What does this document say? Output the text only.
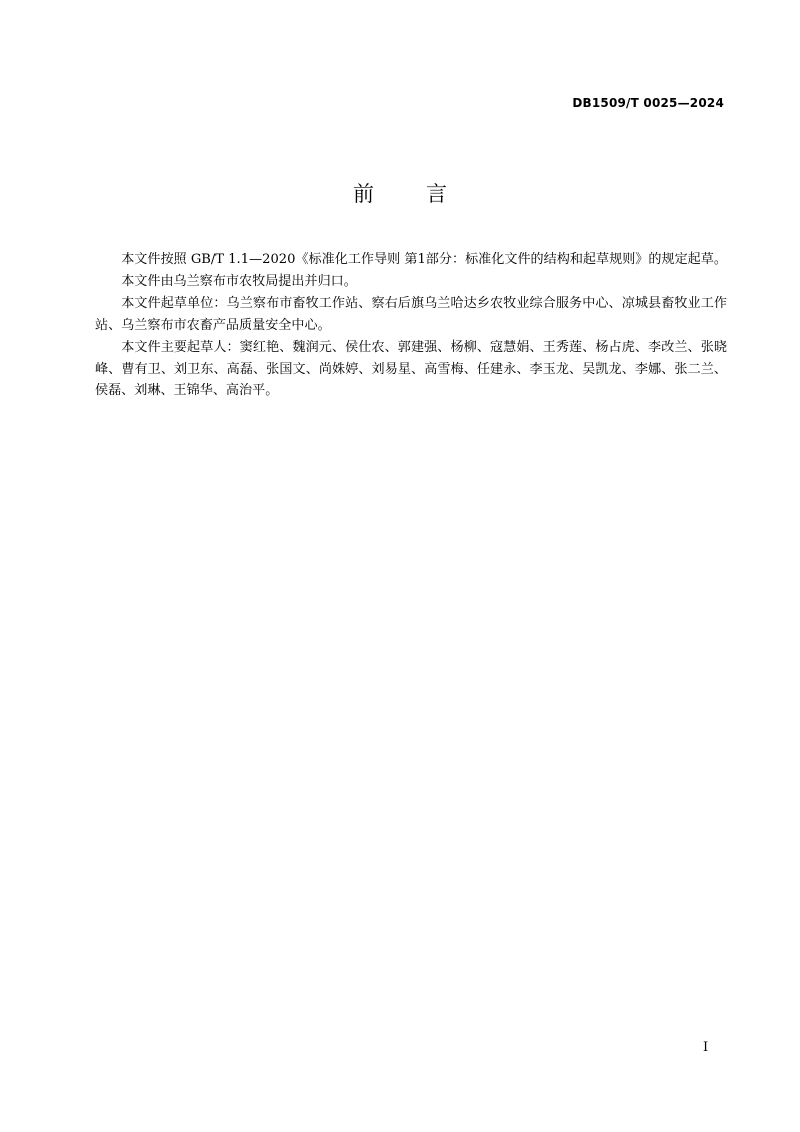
DB1509/T 0025—2024
前言

本文件按照 GB/T 1.1—2020《标准化工作导则 第1部分：标准化文件的结构和起草规则》的规定起草。

本文件由乌兰察布市农牧局提出并归口。

本文件起草单位：乌兰察布市畜牧工作站、察右后旗乌兰哈达乡农牧业综合服务中心、凉城县畜牧业工作站、乌兰察布市农畜产品质量安全中心。

本文件主要起草人：窦红艳、魏润元、侯仕农、郭建强、杨柳、寇慧娟、王秀莲、杨占虎、李改兰、张晓峰、曹有卫、刘卫东、高磊、张国文、尚姝婷、刘易星、高雪梅、任建永、李玉龙、吴凯龙、李娜、张二兰、侯磊、刘琳、王锦华、高治平。

I
